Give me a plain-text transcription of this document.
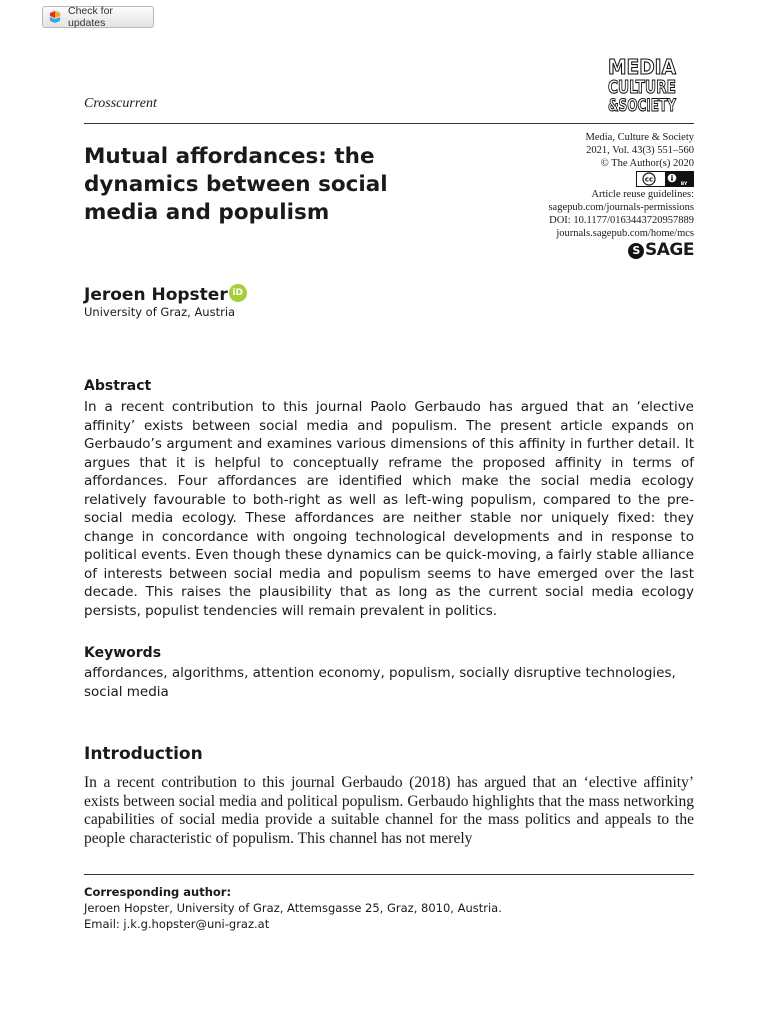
Check for updates
MEDIA
CULTURE
&SOCIETY
Crosscurrent
Mutual affordances: the dynamics between social media and populism
Media, Culture & Society
2021, Vol. 43(3) 551–560
© The Author(s) 2020
cc
BY
Article reuse guidelines:
sagepub.com/journals-permissions
DOI: 10.1177/0163443720957889
journals.sagepub.com/home/mcs
S SAGE
Jeroen Hopster iD
University of Graz, Austria
Abstract

In a recent contribution to this journal Paolo Gerbaudo has argued that an ‘elective affinity’ exists between social media and populism. The present article expands on Gerbaudo’s argument and examines various dimensions of this affinity in further detail. It argues that it is helpful to conceptually reframe the proposed affinity in terms of affordances. Four affordances are identified which make the social media ecology relatively favourable to both-right as well as left-wing populism, compared to the pre-social media ecology. These affordances are neither stable nor uniquely fixed: they change in concordance with ongoing technological developments and in response to political events. Even though these dynamics can be quick-moving, a fairly stable alliance of interests between social media and populism seems to have emerged over the last decade. This raises the plausibility that as long as the current social media ecology persists, populist tendencies will remain prevalent in politics.

Keywords

affordances, algorithms, attention economy, populism, socially disruptive technologies, social media

Introduction

In a recent contribution to this journal Gerbaudo (2018) has argued that an ‘elective affinity’ exists between social media and political populism. Gerbaudo highlights that the mass networking capabilities of social media provide a suitable channel for the mass politics and appeals to the people characteristic of populism. This channel has not merely

Corresponding author:
Jeroen Hopster, University of Graz, Attemsgasse 25, Graz, 8010, Austria.
Email: j.k.g.hopster@uni-graz.at
